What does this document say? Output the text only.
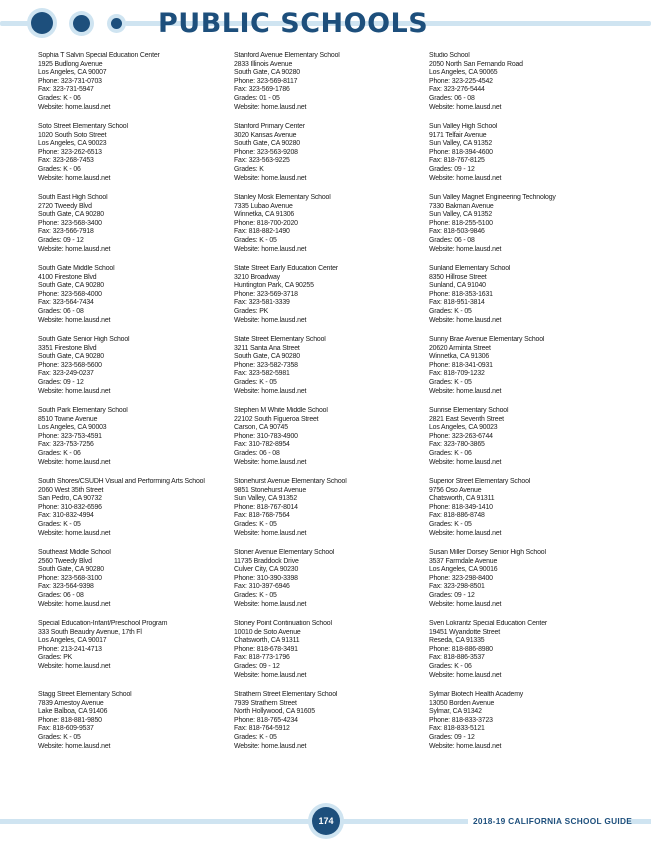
PUBLIC SCHOOLS
Sophia T Salvin Special Education Center
1925 Budlong Avenue
Los Angeles, CA 90007
Phone: 323-731-0703
Fax: 323-731-5947
Grades: K - 06
Website: home.lausd.net
Soto Street Elementary School
1020 South Soto Street
Los Angeles, CA 90023
Phone: 323-262-6513
Fax: 323-268-7453
Grades: K - 06
Website: home.lausd.net
South East High School
2720 Tweedy Blvd
South Gate, CA 90280
Phone: 323-568-3400
Fax: 323-566-7918
Grades: 09 - 12
Website: home.lausd.net
South Gate Middle School
4100 Firestone Blvd
South Gate, CA 90280
Phone: 323-568-4000
Fax: 323-564-7434
Grades: 06 - 08
Website: home.lausd.net
South Gate Senior High School
3351 Firestone Blvd
South Gate, CA 90280
Phone: 323-568-5600
Fax: 323-249-0237
Grades: 09 - 12
Website: home.lausd.net
South Park Elementary School
8510 Towne Avenue
Los Angeles, CA 90003
Phone: 323-753-4591
Fax: 323-753-7256
Grades: K - 06
Website: home.lausd.net
South Shores/CSUDH Visual and Performing Arts School
2060 West 35th Street
San Pedro, CA 90732
Phone: 310-832-6596
Fax: 310-832-4994
Grades: K - 05
Website: home.lausd.net
Southeast Middle School
2560 Tweedy Blvd
South Gate, CA 90280
Phone: 323-568-3100
Fax: 323-564-9398
Grades: 06 - 08
Website: home.lausd.net
Special Education-Infant/Preschool Program
333 South Beaudry Avenue, 17th Fl
Los Angeles, CA 90017
Phone: 213-241-4713
Grades: PK
Website: home.lausd.net
Stagg Street Elementary School
7839 Amestoy Avenue
Lake Balboa, CA 91406
Phone: 818-881-9850
Fax: 818-609-9537
Grades: K - 05
Website: home.lausd.net
Stanford Avenue Elementary School
2833 Illinois Avenue
South Gate, CA 90280
Phone: 323-569-8117
Fax: 323-569-1786
Grades: 01 - 05
Website: home.lausd.net
Stanford Primary Center
3020 Kansas Avenue
South Gate, CA 90280
Phone: 323-563-9208
Fax: 323-563-9225
Grades: K
Website: home.lausd.net
Stanley Mosk Elementary School
7335 Lubao Avenue
Winnetka, CA 91306
Phone: 818-700-2020
Fax: 818-882-1490
Grades: K - 05
Website: home.lausd.net
State Street Early Education Center
3210 Broadway
Huntington Park, CA 90255
Phone: 323-569-3718
Fax: 323-581-3339
Grades: PK
Website: home.lausd.net
State Street Elementary School
3211 Santa Ana Street
South Gate, CA 90280
Phone: 323-582-7358
Fax: 323-582-5981
Grades: K - 05
Website: home.lausd.net
Stephen M White Middle School
22102 South Figueroa Street
Carson, CA 90745
Phone: 310-783-4900
Fax: 310-782-8954
Grades: 06 - 08
Website: home.lausd.net
Stonehurst Avenue Elementary School
9851 Stonehurst Avenue
Sun Valley, CA 91352
Phone: 818-767-8014
Fax: 818-768-7564
Grades: K - 05
Website: home.lausd.net
Stoner Avenue Elementary School
11735 Braddock Drive
Culver City, CA 90230
Phone: 310-390-3398
Fax: 310-397-6946
Grades: K - 05
Website: home.lausd.net
Stoney Point Continuation School
10010 de Soto Avenue
Chatsworth, CA 91311
Phone: 818-678-3491
Fax: 818-773-1796
Grades: 09 - 12
Website: home.lausd.net
Strathern Street Elementary School
7939 Strathern Street
North Hollywood, CA 91605
Phone: 818-765-4234
Fax: 818-764-5912
Grades: K - 05
Website: home.lausd.net
Studio School
2050 North San Fernando Road
Los Angeles, CA 90065
Phone: 323-225-4542
Fax: 323-276-5444
Grades: 06 - 08
Website: home.lausd.net
Sun Valley High School
9171 Telfair Avenue
Sun Valley, CA 91352
Phone: 818-394-4600
Fax: 818-767-8125
Grades: 09 - 12
Website: home.lausd.net
Sun Valley Magnet Engineering Technology
7330 Bakman Avenue
Sun Valley, CA 91352
Phone: 818-255-5100
Fax: 818-503-9846
Grades: 06 - 08
Website: home.lausd.net
Sunland Elementary School
8350 Hillrose Street
Sunland, CA 91040
Phone: 818-353-1631
Fax: 818-951-3814
Grades: K - 05
Website: home.lausd.net
Sunny Brae Avenue Elementary School
20620 Arminta Street
Winnetka, CA 91306
Phone: 818-341-0931
Fax: 818-709-1232
Grades: K - 05
Website: home.lausd.net
Sunrise Elementary School
2821 East Seventh Street
Los Angeles, CA 90023
Phone: 323-263-6744
Fax: 323-780-3865
Grades: K - 06
Website: home.lausd.net
Superior Street Elementary School
9756 Oso Avenue
Chatsworth, CA 91311
Phone: 818-349-1410
Fax: 818-886-8748
Grades: K - 05
Website: home.lausd.net
Susan Miller Dorsey Senior High School
3537 Farmdale Avenue
Los Angeles, CA 90016
Phone: 323-298-8400
Fax: 323-298-8501
Grades: 09 - 12
Website: home.lausd.net
Sven Lokrantz Special Education Center
19451 Wyandotte Street
Reseda, CA 91335
Phone: 818-886-8980
Fax: 818-886-3537
Grades: K - 06
Website: home.lausd.net
Sylmar Biotech Health Academy
13050 Borden Avenue
Sylmar, CA 91342
Phone: 818-833-3723
Fax: 818-833-5121
Grades: 09 - 12
Website: home.lausd.net
174	2018-19 CALIFORNIA SCHOOL GUIDE
